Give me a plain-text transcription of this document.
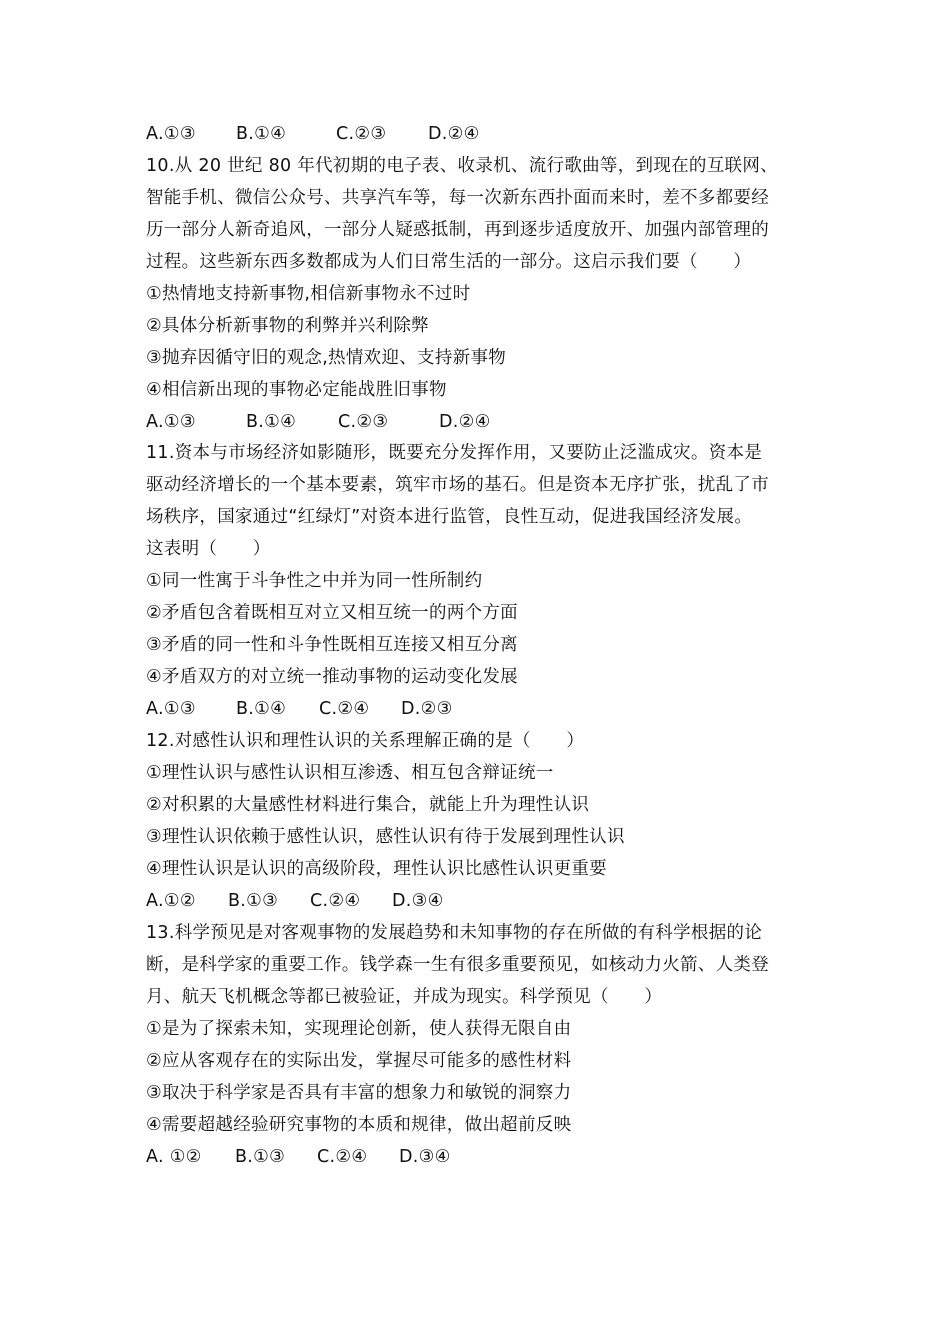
A.①③ B.①④	C.②③ D.②④
10.从 20 世纪 80 年代初期的电子表、收录机、流行歌曲等，到现在的互联网、
智能手机、微信公众号、共享汽车等，每一次新东西扑面而来时，差不多都要经
历一部分人新奇追风，一部分人疑惑抵制，再到逐步适度放开、加强内部管理的
过程。这些新东西多数都成为人们日常生活的一部分。这启示我们要（　　）
①热情地支持新事物,相信新事物永不过时
②具体分析新事物的利弊并兴利除弊
③抛弃因循守旧的观念,热情欢迎、支持新事物
④相信新出现的事物必定能战胜旧事物
A.①③	B.①④ C.②③	D.②④
11.资本与市场经济如影随形，既要充分发挥作用，又要防止泛滥成灾。资本是
驱动经济增长的一个基本要素，筑牢市场的基石。但是资本无序扩张，扰乱了市
场秩序，国家通过“红绿灯”对资本进行监管，良性互动，促进我国经济发展。
这表明（　　）
①同一性寓于斗争性之中并为同一性所制约
②矛盾包含着既相互对立又相互统一的两个方面
③矛盾的同一性和斗争性既相互连接又相互分离
④矛盾双方的对立统一推动事物的运动变化发展
A.①③ B.①④ C.②④ D.②③
12.对感性认识和理性认识的关系理解正确的是（　　）
①理性认识与感性认识相互渗透、相互包含辩证统一
②对积累的大量感性材料进行集合，就能上升为理性认识
③理性认识依赖于感性认识，感性认识有待于发展到理性认识
④理性认识是认识的高级阶段，理性认识比感性认识更重要
A.①② B.①③ C.②④ D.③④
13.科学预见是对客观事物的发展趋势和未知事物的存在所做的有科学根据的论
断，是科学家的重要工作。钱学森一生有很多重要预见，如核动力火箭、人类登
月、航天飞机概念等都已被验证，并成为现实。科学预见（　　）
①是为了探索未知，实现理论创新，使人获得无限自由
②应从客观存在的实际出发，掌握尽可能多的感性材料
③取决于科学家是否具有丰富的想象力和敏锐的洞察力
④需要超越经验研究事物的本质和规律，做出超前反映
A. ①② B.①③ C.②④ D.③④
